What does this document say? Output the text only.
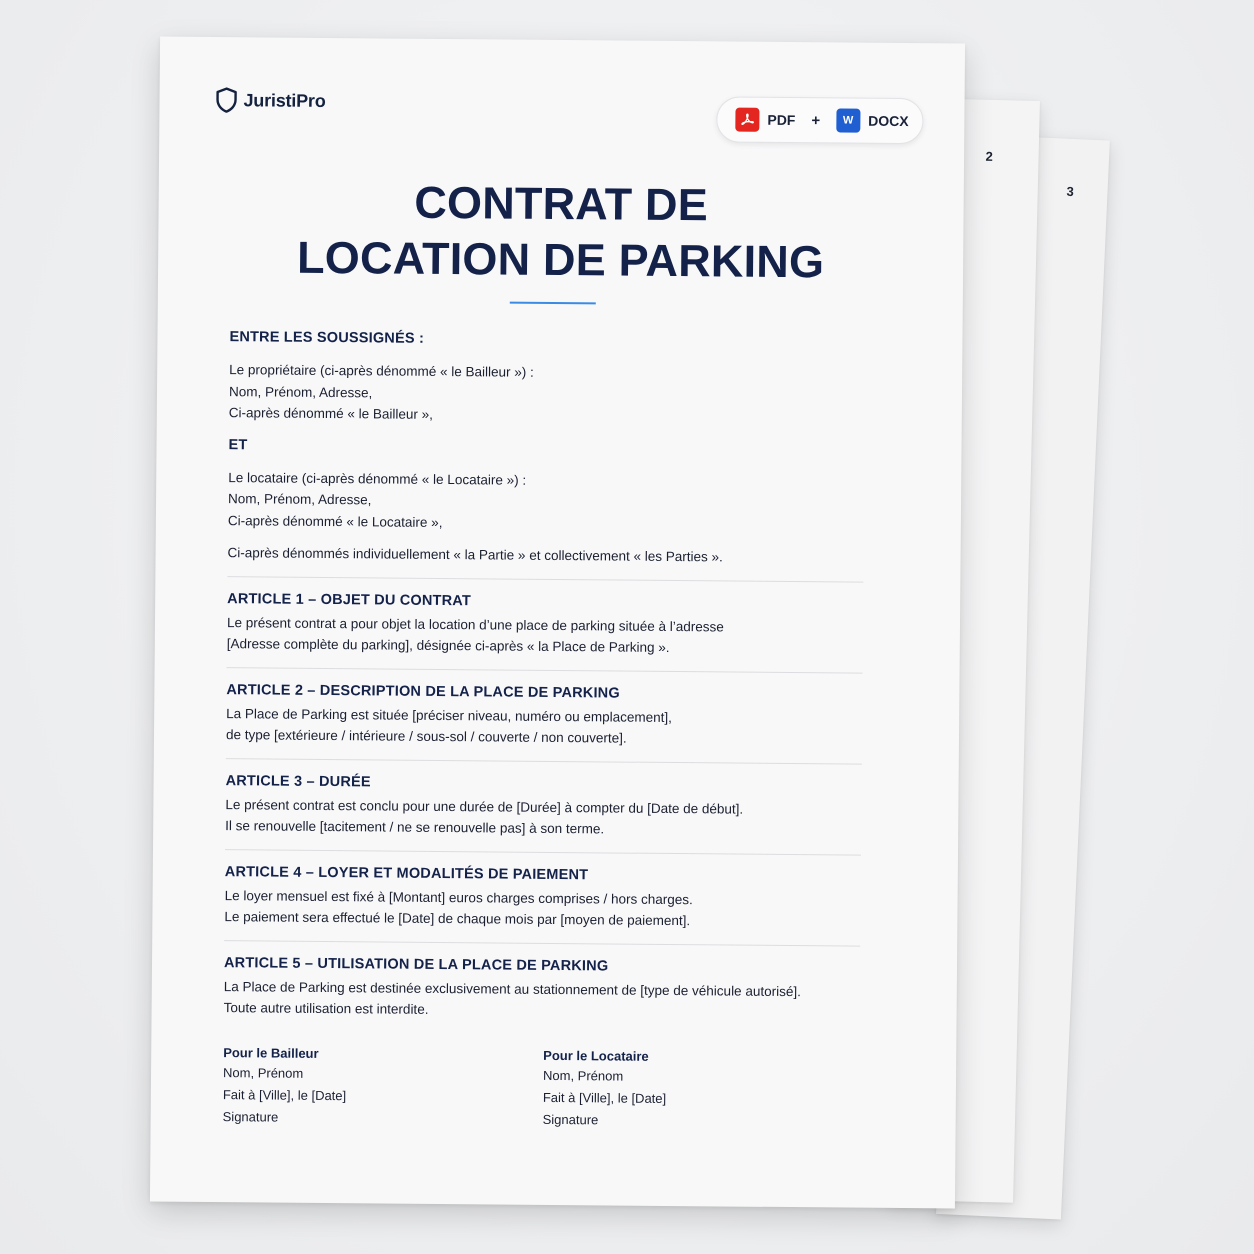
3
2
JuristiPro
PDF +	W	DOCX
CONTRAT DE
LOCATION DE PARKING
ENTRE LES SOUSSIGNÉS :
Le propriétaire (ci-après dénommé « le Bailleur ») :
Nom, Prénom, Adresse,
Ci-après dénommé « le Bailleur »,
ET
Le locataire (ci-après dénommé « le Locataire ») :
Nom, Prénom, Adresse,
Ci-après dénommé « le Locataire »,
Ci-après dénommés individuellement « la Partie » et collectivement « les Parties ».
ARTICLE 1 – OBJET DU CONTRAT
Le présent contrat a pour objet la location d’une place de parking située à l’adresse
[Adresse complète du parking], désignée ci-après « la Place de Parking ».
ARTICLE 2 – DESCRIPTION DE LA PLACE DE PARKING
La Place de Parking est située [préciser niveau, numéro ou emplacement],
de type [extérieure / intérieure / sous-sol / couverte / non couverte].
ARTICLE 3 – DURÉE
Le présent contrat est conclu pour une durée de [Durée] à compter du [Date de début].
Il se renouvelle [tacitement / ne se renouvelle pas] à son terme.
ARTICLE 4 – LOYER ET MODALITÉS DE PAIEMENT
Le loyer mensuel est fixé à [Montant] euros charges comprises / hors charges.
Le paiement sera effectué le [Date] de chaque mois par [moyen de paiement].
ARTICLE 5 – UTILISATION DE LA PLACE DE PARKING
La Place de Parking est destinée exclusivement au stationnement de [type de véhicule autorisé].
Toute autre utilisation est interdite.
Pour le Bailleur
Nom, Prénom
Fait à [Ville], le [Date]
Signature
Pour le Locataire
Nom, Prénom
Fait à [Ville], le [Date]
Signature
